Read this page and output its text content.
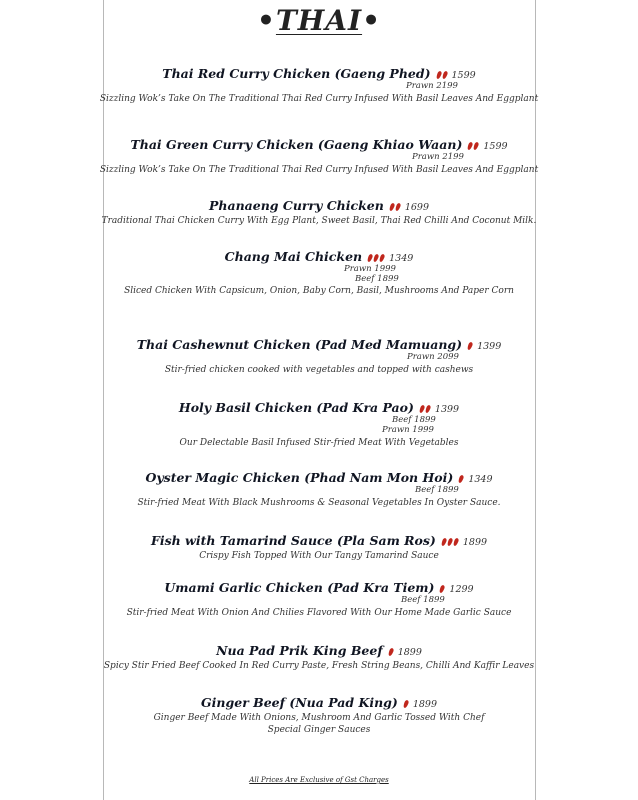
•THAI•
Thai Red Curry Chicken (Gaeng Phed) 1599
Prawn 2199
Sizzling Wok’s Take On The Traditional Thai Red Curry Infused With Basil Leaves And Eggplant
Thai Green Curry Chicken (Gaeng Khiao Waan) 1599
Prawn 2199
Sizzling Wok’s Take On The Traditional Thai Red Curry Infused With Basil Leaves And Eggplant
Phanaeng Curry Chicken 1699
Traditional Thai Chicken Curry With Egg Plant, Sweet Basil, Thai Red Chilli And Coconut Milk.
Chang Mai Chicken	1349
Prawn 1999
Beef 1899
Sliced Chicken With Capsicum, Onion, Baby Corn, Basil, Mushrooms And Paper Corn
Thai Cashewnut Chicken (Pad Med Mamuang) 1399
Prawn 2099
Stir-fried chicken cooked with vegetables and topped with cashews
Holy Basil Chicken (Pad Kra Pao) 1399
Beef 1899
Prawn 1999
Our Delectable Basil Infused Stir-fried Meat With Vegetables
Oyster Magic Chicken (Phad Nam Mon Hoi) 1349
Beef 1899
Stir-fried Meat With Black Mushrooms & Seasonal Vegetables In Oyster Sauce.
Fish with Tamarind Sauce (Pla Sam Ros)	1899
Crispy Fish Topped With Our Tangy Tamarind Sauce
Umami Garlic Chicken (Pad Kra Tiem) 1299
Beef 1899
Stir-fried Meat With Onion And Chilies Flavored With Our Home Made Garlic Sauce
Nua Pad Prik King Beef 1899
Spicy Stir Fried Beef Cooked In Red Curry Paste, Fresh String Beans, Chilli And Kaffir Leaves
Ginger Beef (Nua Pad King) 1899
Ginger Beef Made With Onions, Mushroom And Garlic Tossed With Chef
Special Ginger Sauces
All Prices Are Exclusive of Gst Charges
